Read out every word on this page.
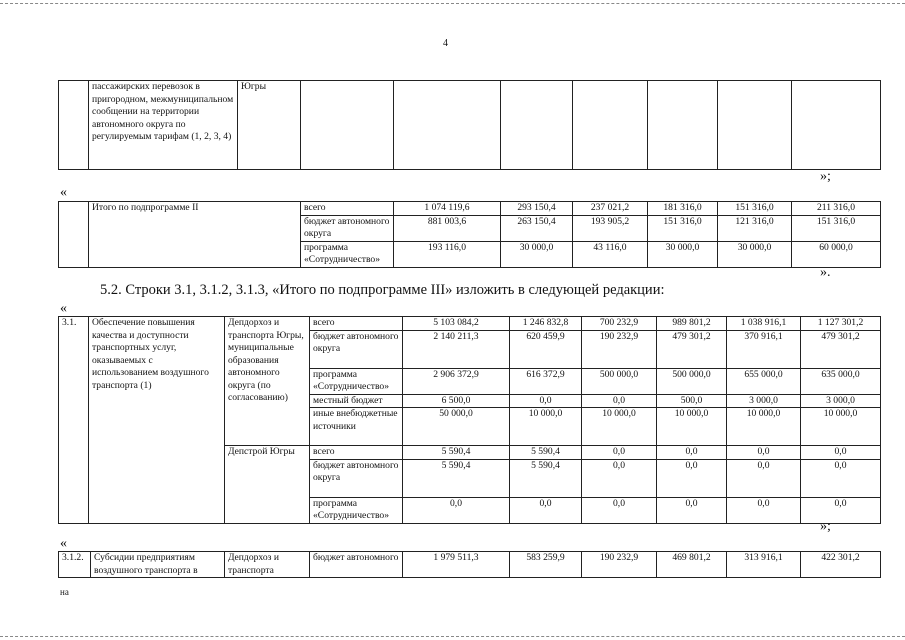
4
	пассажирских перевозок в пригородном, межмуниципальном сообщении на территории автономного округа по рeгулируемым тарифам (1, 2, 3, 4)	Югры							
»;
«
	Итого по подпрограмме II	всего	1 074 119,6	293 150,4	237 021,2	181 316,0	151 316,0	211 316,0
		бюджет автономного округа	881 003,6	263 150,4	193 905,2	151 316,0	121 316,0	151 316,0
		программа «Сотрудничество»	193 116,0	30 000,0	43 116,0	30 000,0	30 000,0	60 000,0
».
5.2. Строки 3.1, 3.1.2, 3.1.3, «Итого по подпрограмме III» изложить в следующей редакции:
«
3.1.	Обеспечение повышения качества и доступности транспортных услуг, оказываемых с использованием воздушного транспорта (1)	Депдорхоз и транспорта Югры, муниципальные образования автономного округа (по согласованию)	всего	5 103 084,2	1 246 832,8	700 232,9	989 801,2	1 038 916,1	1 127 301,2
			бюджет автономного округа	2 140 211,3	620 459,9	190 232,9	479 301,2	370 916,1	479 301,2
			программа «Сотрудничество»	2 906 372,9	616 372,9	500 000,0	500 000,0	655 000,0	635 000,0
			местный бюджет	6 500,0	0,0	0,0	500,0	3 000,0	3 000,0
			иные внебюджетные источники	50 000,0	10 000,0	10 000,0	10 000,0	10 000,0	10 000,0
		Депстрой Югры	всего	5 590,4	5 590,4	0,0	0,0	0,0	0,0
			бюджет автономного округа	5 590,4	5 590,4	0,0	0,0	0,0	0,0
			программа «Сотрудничество»	0,0	0,0	0,0	0,0	0,0	0,0
»;
«
3.1.2.	Субсидии предприятиям воздушного транспорта в	Дeпдорхоз и транспорта	бюджет автономного	1 979 511,3	583 259,9	190 232,9	469 801,2	313 916,1	422 301,2
на
